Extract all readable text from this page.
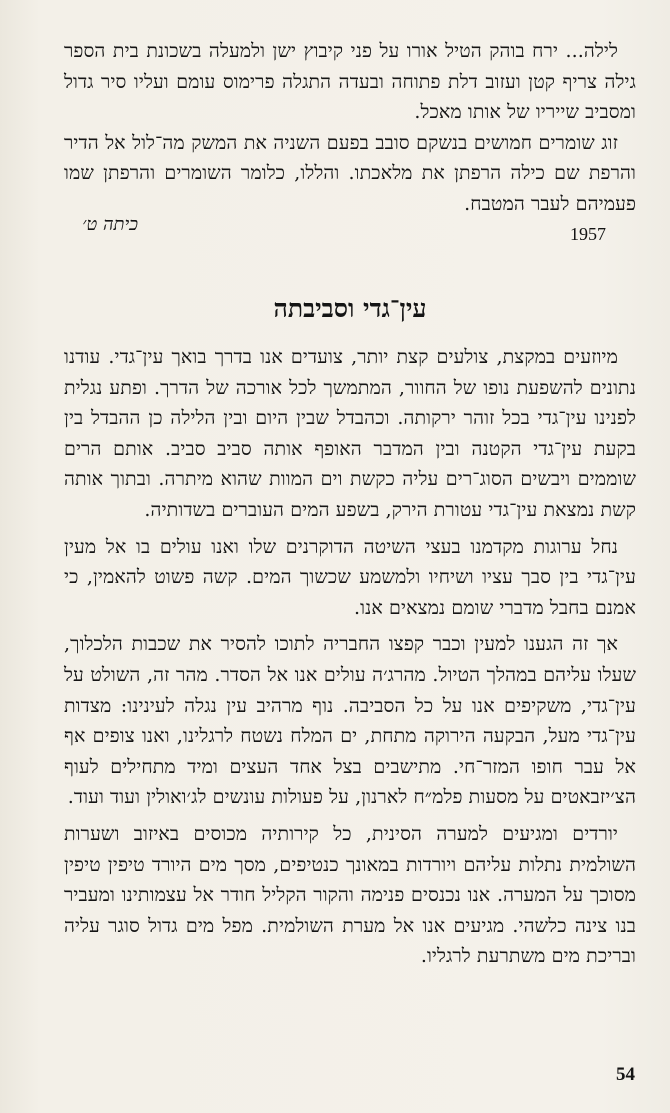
לילה... ירח בוהק הטיל אורו על פני קיבוץ ישן ולמעלה בשכונת בית הספר גילה צריף קטן ועזוב דלת פתוחה ובעדה התגלה פרימוס עומם ועליו סיר גדול ומסביב שייריו של אותו מאכל.

זוג שומרים חמושים בנשקם סובב בפעם השניה את המשק מה־לול אל הדיר והרפת שם כילה הרפתן את מלאכתו. והללו, כלומר השומרים והרפתן שמו פעמיהם לעבר המטבח.

כיתה ט׳	1957
עין־גדי וסביבתה

מיוזעים במקצת, צולעים קצת יותר, צועדים אנו בדרך בואך עין־גדי. עודנו נתונים להשפעת נופו של החוור, המתמשך לכל אורכה של הדרך. ופתע נגלית לפנינו עין־גדי בכל זוהר ירקותה. וכהבדל שבין היום ובין הלילה כן ההבדל בין בקעת עין־גדי הקטנה ובין המדבר האופף אותה סביב סביב. אותם הרים שוממים ויבשים הסוג־רים עליה כקשת וים המוות שהוא מיתרה. ובתוך אותה קשת נמצאת עין־גדי עטורת הירק, בשפע המים העוברים בשדותיה.

נחל ערוגות מקדמנו בעצי השיטה הדוקרנים שלו ואנו עולים בו אל מעין עין־גדי בין סבך עציו ושיחיו ולמשמע שכשוך המים. קשה פשוט להאמין, כי אמנם בחבל מדברי שומם נמצאים אנו.

אך זה הגענו למעין וכבר קפצו החבריה לתוכו להסיר את שכבות הלכלוך, שעלו עליהם במהלך הטיול. מהרג׳ה עולים אנו אל הסדר. מהר זה, השולט על עין־גדי, משקיפים אנו על כל הסביבה. נוף מרהיב עין נגלה לעינינו: מצדות עין־גדי מעל, הבקעה הירוקה מתחת, ים המלח נשטח לרגלינו, ואנו צופים אף אל עבר חופו המזר־חי. מתישבים בצל אחד העצים ומיד מתחילים לעוף הצ׳יזבאטים על מסעות פלמ״ח לארנון, על פעולות עונשים לג׳ואולין ועוד ועוד.

יורדים ומגיעים למערה הסינית, כל קירותיה מכוסים באיזוב ושערות השולמית נתלות עליהם ויורדות במאונך כנטיפים, מסך מים היורד טיפין טיפין מסוכך על המערה. אנו נכנסים פנימה והקור הקליל חודר אל עצמותינו ומעביר בנו צינה כלשהי. מגיעים אנו אל מערת השולמית. מפל מים גדול סוגר עליה ובריכת מים משתרעת לרגליו.

54
